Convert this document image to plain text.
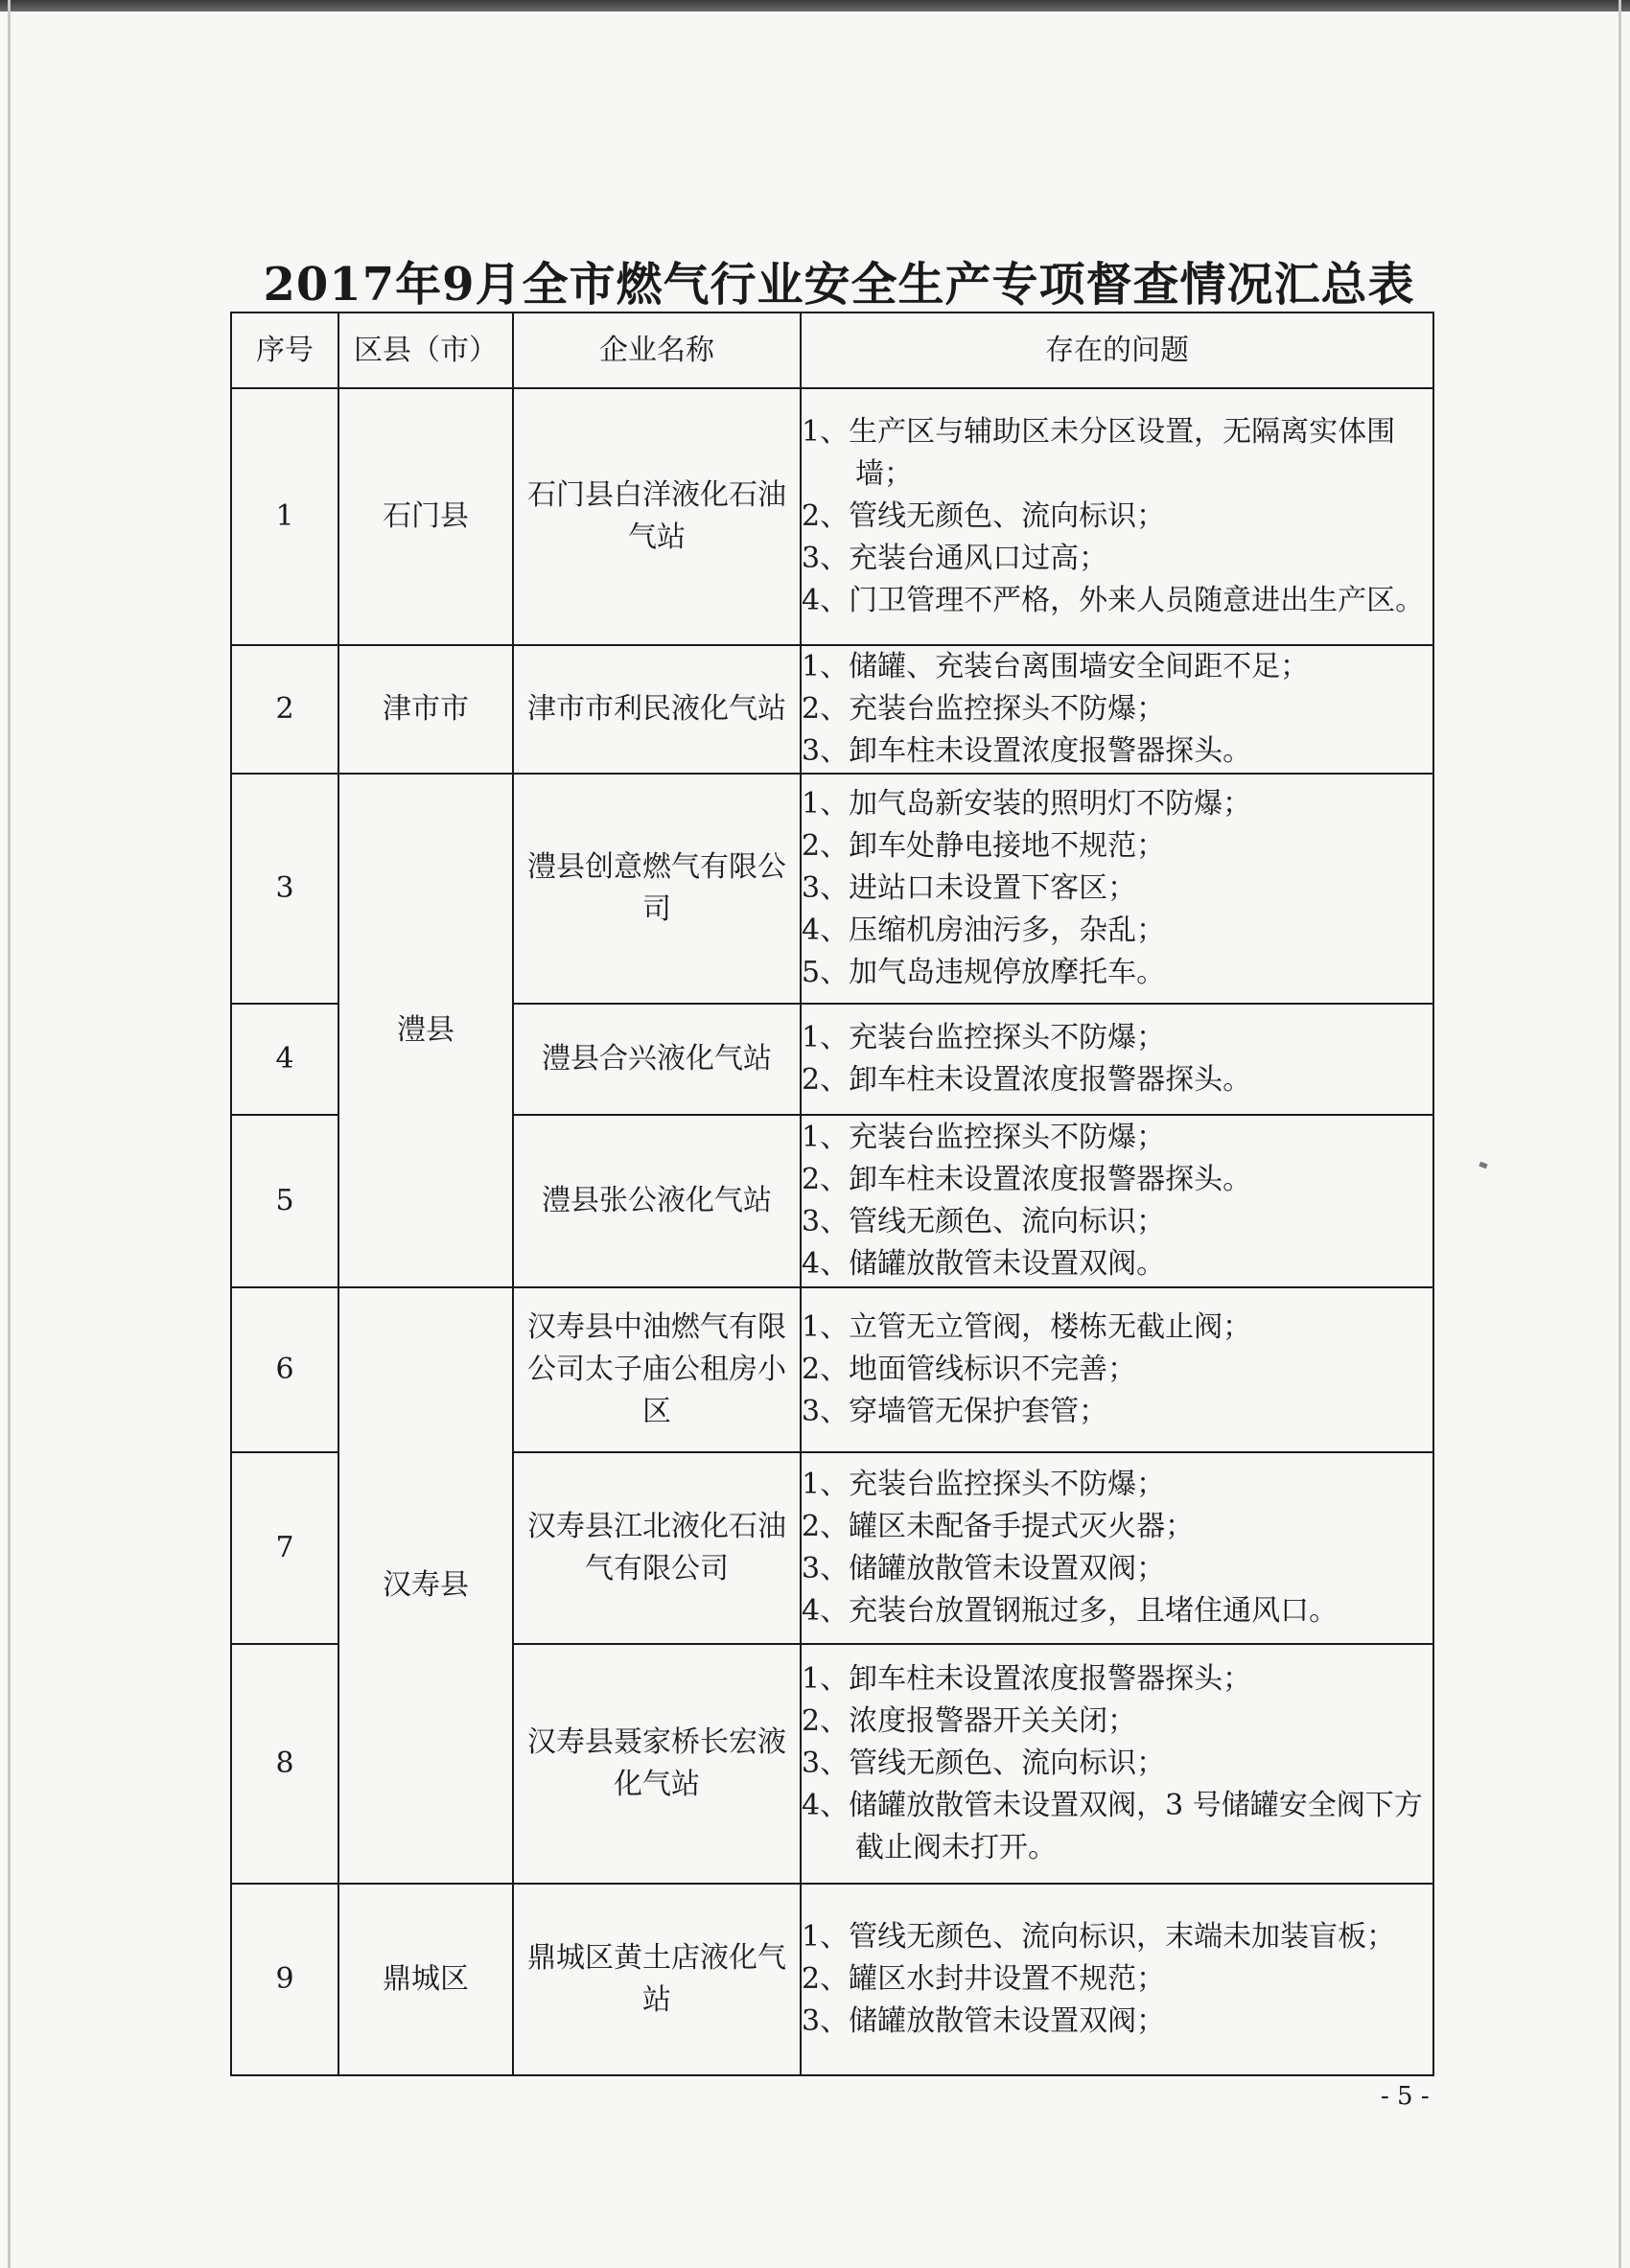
2017年9月全市燃气行业安全生产专项督查情况汇总表
序号	区县（市）	企业名称	存在的问题
1	石门县	石门县白洋液化石油气站	1、生产区与辅助区未分区设置，无隔离实体围墙；
2、管线无颜色、流向标识；
3、充装台通风口过高；
4、门卫管理不严格，外来人员随意进出生产区。

2	津市市	津市市利民液化气站	1、储罐、充装台离围墙安全间距不足；
2、充装台监控探头不防爆；
3、卸车柱未设置浓度报警器探头。

3	澧县	澧县创意燃气有限公司	1、加气岛新安装的照明灯不防爆；
2、卸车处静电接地不规范；
3、进站口未设置下客区；
4、压缩机房油污多，杂乱；
5、加气岛违规停放摩托车。

4		澧县合兴液化气站	1、充装台监控探头不防爆；
2、卸车柱未设置浓度报警器探头。

5		澧县张公液化气站	1、充装台监控探头不防爆；
2、卸车柱未设置浓度报警器探头。
3、管线无颜色、流向标识；
4、储罐放散管未设置双阀。

6	汉寿县	汉寿县中油燃气有限公司太子庙公租房小区	1、立管无立管阀，楼栋无截止阀；
2、地面管线标识不完善；
3、穿墙管无保护套管；

7		汉寿县江北液化石油气有限公司	1、充装台监控探头不防爆；
2、罐区未配备手提式灭火器；
3、储罐放散管未设置双阀；
4、充装台放置钢瓶过多，且堵住通风口。

8		汉寿县聂家桥长宏液化气站	1、卸车柱未设置浓度报警器探头；
2、浓度报警器开关关闭；
3、管线无颜色、流向标识；
4、储罐放散管未设置双阀，3 号储罐安全阀下方截止阀未打开。

9	鼎城区	鼎城区黄土店液化气站	1、管线无颜色、流向标识，末端未加装盲板；
2、罐区水封井设置不规范；
3、储罐放散管未设置双阀；
- 5 -
